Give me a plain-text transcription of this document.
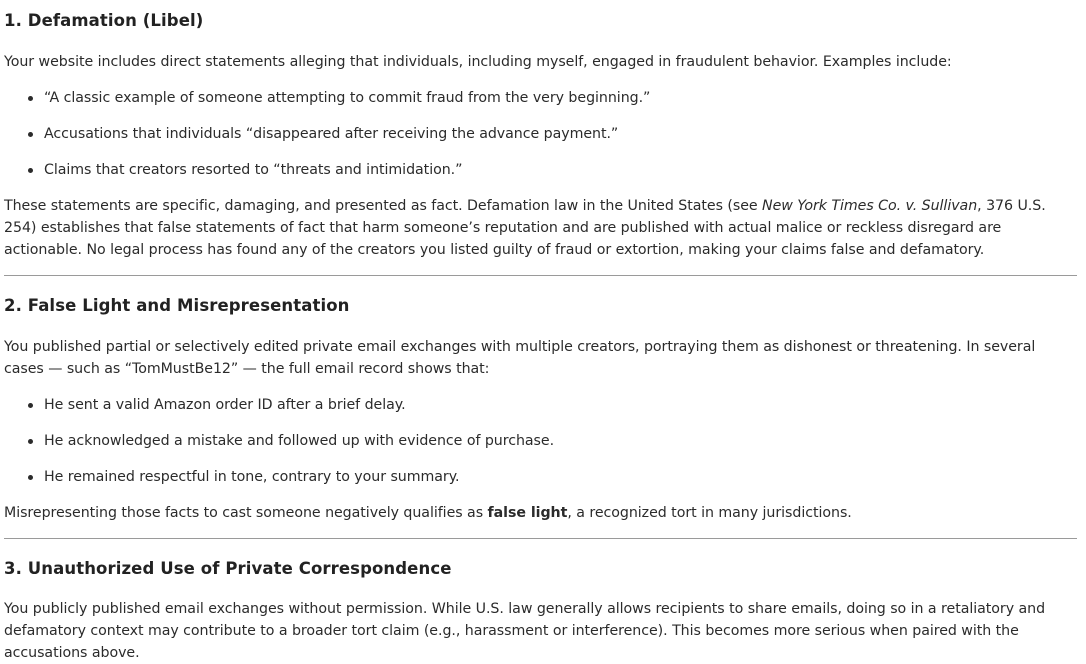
1. Defamation (Libel)

Your website includes direct statements alleging that individuals, including myself, engaged in fraudulent behavior. Examples include:

“A classic example of someone attempting to commit fraud from the very beginning.”
Accusations that individuals “disappeared after receiving the advance payment.”
Claims that creators resorted to “threats and intimidation.”

These statements are specific, damaging, and presented as fact. Defamation law in the United States (see New York Times Co. v. Sullivan, 376 U.S. 254) establishes that false statements of fact that harm someone’s reputation and are published with actual malice or reckless disregard are actionable. No legal process has found any of the creators you listed guilty of fraud or extortion, making your claims false and defamatory.

2. False Light and Misrepresentation

You published partial or selectively edited private email exchanges with multiple creators, portraying them as dishonest or threatening. In several cases — such as “TomMustBe12” — the full email record shows that:

He sent a valid Amazon order ID after a brief delay.
He acknowledged a mistake and followed up with evidence of purchase.
He remained respectful in tone, contrary to your summary.

Misrepresenting those facts to cast someone negatively qualifies as false light, a recognized tort in many jurisdictions.

3. Unauthorized Use of Private Correspondence

You publicly published email exchanges without permission. While U.S. law generally allows recipients to share emails, doing so in a retaliatory and defamatory context may contribute to a broader tort claim (e.g., harassment or interference). This becomes more serious when paired with the accusations above.
